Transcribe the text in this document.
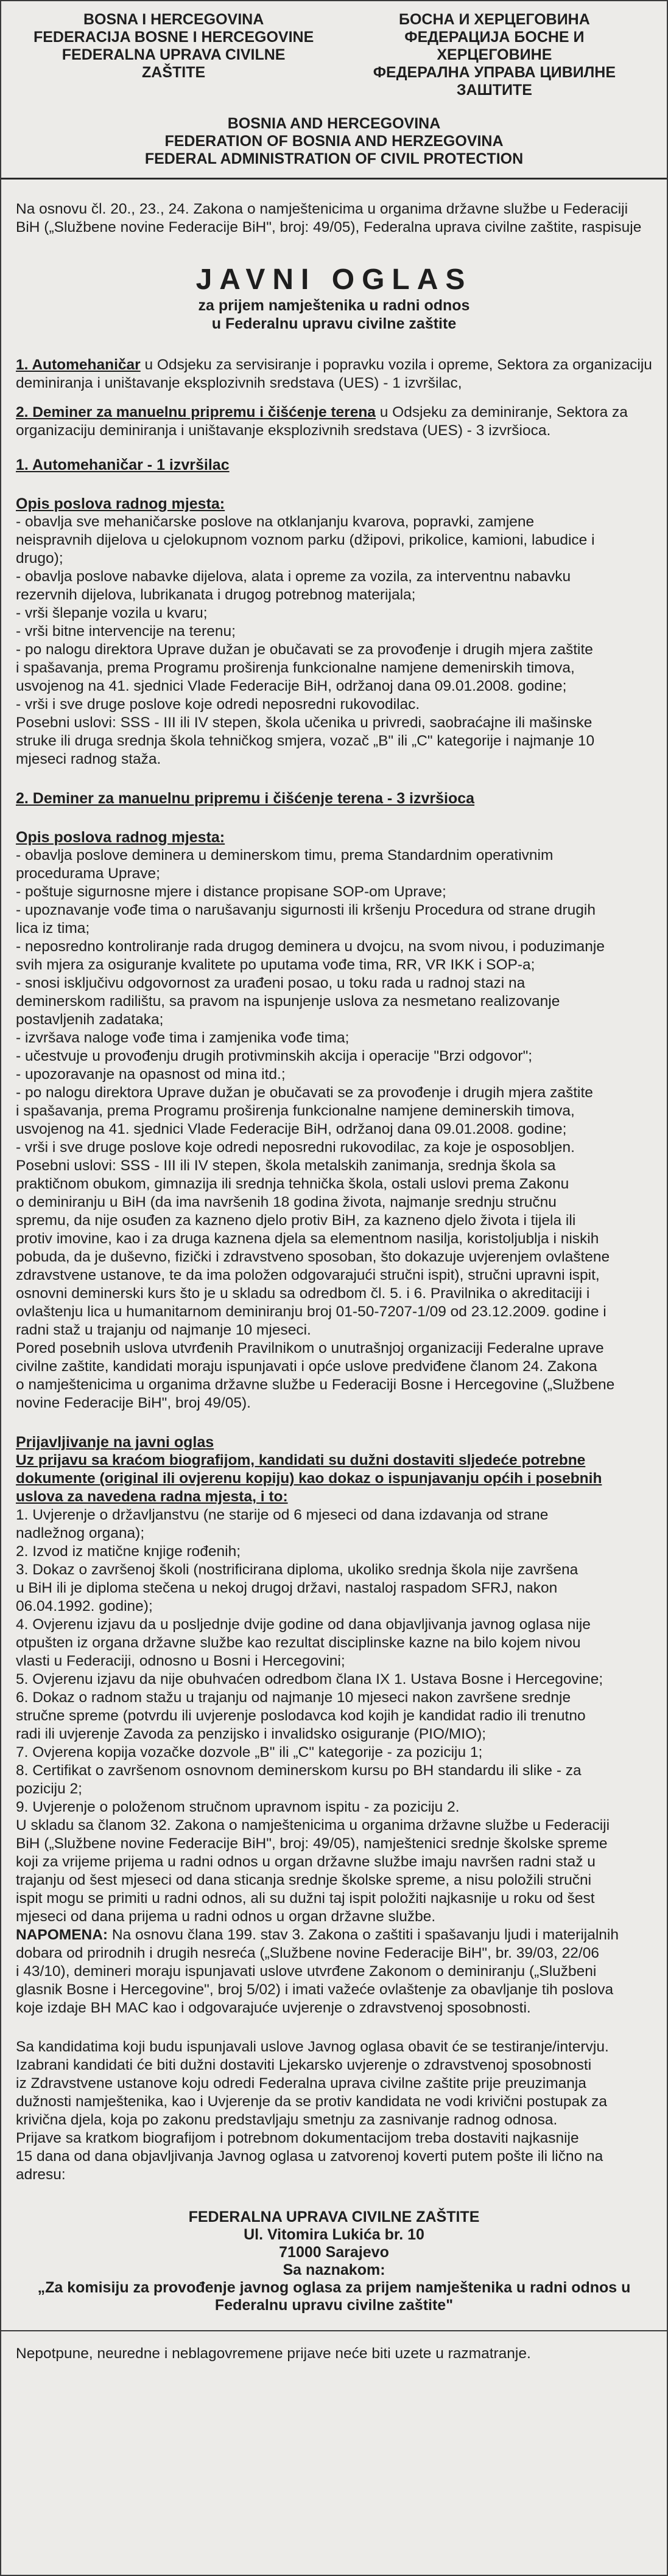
BOSNA I HERCEGOVINA
FEDERACIJA BOSNE I HERCEGOVINE
FEDERALNA UPRAVA CIVILNE
ZAŠTITE
БОСНА И ХЕРЦЕГОВИНА
ФЕДЕРАЦИЈА БОСНЕ И ХЕРЦЕГОВИНЕ
ФЕДЕРАЛНА УПРАВА ЦИВИЛНЕ
ЗАШТИТЕ
BOSNIA AND HERCEGOVINA
FEDERATION OF BOSNIA AND HERZEGOVINA
FEDERAL ADMINISTRATION OF CIVIL PROTECTION

Na osnovu čl. 20., 23., 24. Zakona o namještenicima u organima državne službe u Federaciji BiH („Službene novine Federacije BiH", broj: 49/05), Federalna uprava civilne zaštite, raspisuje

JAVNI OGLAS
za prijem namještenika u radni odnos
u Federalnu upravu civilne zaštite

1. Automehaničar u Odsjeku za servisiranje i popravku vozila i opreme, Sektora za organizaciju deminiranja i uništavanje eksplozivnih sredstava (UES) - 1 izvršilac,

2. Deminer za manuelnu pripremu i čišćenje terena u Odsjeku za deminiranje, Sektora za organizaciju deminiranja i uništavanje eksplozivnih sredstava (UES) - 3 izvršioca.

1. Automehaničar - 1 izvršilac
Opis poslova radnog mjesta:
- obavlja sve mehaničarske poslove na otklanjanju kvarova, popravki, zamjene
neispravnih dijelova u cjelokupnom voznom parku (džipovi, prikolice, kamioni, labudice i
drugo);
- obavlja poslove nabavke dijelova, alata i opreme za vozila, za interventnu nabavku
rezervnih dijelova, lubrikanata i drugog potrebnog materijala;
- vrši šlepanje vozila u kvaru;
- vrši bitne intervencije na terenu;
- po nalogu direktora Uprave dužan je obučavati se za provođenje i drugih mjera zaštite
i spašavanja, prema Programu proširenja funkcionalne namjene demenirskih timova,
usvojenog na 41. sjednici Vlade Federacije BiH, održanoj dana 09.01.2008. godine;
- vrši i sve druge poslove koje odredi neposredni rukovodilac.
Posebni uslovi: SSS - III ili IV stepen, škola učenika u privredi, saobraćajne ili mašinske
struke ili druga srednja škola tehničkog smjera, vozač „B" ili „C" kategorije i najmanje 10
mjeseci radnog staža.
2. Deminer za manuelnu pripremu i čišćenje terena - 3 izvršioca
Opis poslova radnog mjesta:
- obavlja poslove deminera u deminerskom timu, prema Standardnim operativnim
procedurama Uprave;
- poštuje sigurnosne mjere i distance propisane SOP-om Uprave;
- upoznavanje vođe tima o narušavanju sigurnosti ili kršenju Procedura od strane drugih
lica iz tima;
- neposredno kontroliranje rada drugog deminera u dvojcu, na svom nivou, i poduzimanje
svih mjera za osiguranje kvalitete po uputama vođe tima, RR, VR IKK i SOP-a;
- snosi isključivu odgovornost za urađeni posao, u toku rada u radnoj stazi na
deminerskom radilištu, sa pravom na ispunjenje uslova za nesmetano realizovanje
postavljenih zadataka;
- izvršava naloge vođe tima i zamjenika vođe tima;
- učestvuje u provođenju drugih protivminskih akcija i operacije "Brzi odgovor";
- upozoravanje na opasnost od mina itd.;
- po nalogu direktora Uprave dužan je obučavati se za provođenje i drugih mjera zaštite
i spašavanja, prema Programu proširenja funkcionalne namjene deminerskih timova,
usvojenog na 41. sjednici Vlade Federacije BiH, održanoj dana 09.01.2008. godine;
- vrši i sve druge poslove koje odredi neposredni rukovodilac, za koje je osposobljen.
Posebni uslovi: SSS - III ili IV stepen, škola metalskih zanimanja, srednja škola sa
praktičnom obukom, gimnazija ili srednja tehnička škola, ostali uslovi prema Zakonu
o deminiranju u BiH (da ima navršenih 18 godina života, najmanje srednju stručnu
spremu, da nije osuđen za kazneno djelo protiv BiH, za kazneno djelo života i tijela ili
protiv imovine, kao i za druga kaznena djela sa elementnom nasilja, koristoljublja i niskih
pobuda, da je duševno, fizički i zdravstveno sposoban, što dokazuje uvjerenjem ovlaštene
zdravstvene ustanove, te da ima položen odgovarajući stručni ispit), stručni upravni ispit,
osnovni deminerski kurs što je u skladu sa odredbom čl. 5. i 6. Pravilnika o akreditaciji i
ovlaštenju lica u humanitarnom deminiranju broj 01-50-7207-1/09 od 23.12.2009. godine i
radni staž u trajanju od najmanje 10 mjeseci.
Pored posebnih uslova utvrđenih Pravilnikom o unutrašnjoj organizaciji Federalne uprave
civilne zaštite, kandidati moraju ispunjavati i opće uslove predviđene članom 24. Zakona
o namještenicima u organima državne službe u Federaciji Bosne i Hercegovine („Službene
novine Federacije BiH", broj 49/05).
Prijavljivanje na javni oglas
Uz prijavu sa kraćom biografijom, kandidati su dužni dostaviti sljedeće potrebne
dokumente (original ili ovjerenu kopiju) kao dokaz o ispunjavanju općih i posebnih
uslova za navedena radna mjesta, i to:
1. Uvjerenje o državljanstvu (ne starije od 6 mjeseci od dana izdavanja od strane
nadležnog organa);
2. Izvod iz matične knjige rođenih;
3. Dokaz o završenoj školi (nostrificirana diploma, ukoliko srednja škola nije završena
u BiH ili je diploma stečena u nekoj drugoj državi, nastaloj raspadom SFRJ, nakon
06.04.1992. godine);
4. Ovjerenu izjavu da u posljednje dvije godine od dana objavljivanja javnog oglasa nije
otpušten iz organa državne službe kao rezultat disciplinske kazne na bilo kojem nivou
vlasti u Federaciji, odnosno u Bosni i Hercegovini;
5. Ovjerenu izjavu da nije obuhvaćen odredbom člana IX 1. Ustava Bosne i Hercegovine;
6. Dokaz o radnom stažu u trajanju od najmanje 10 mjeseci nakon završene srednje
stručne spreme (potvrdu ili uvjerenje poslodavca kod kojih je kandidat radio ili trenutno
radi ili uvjerenje Zavoda za penzijsko i invalidsko osiguranje (PIO/MIO);
7. Ovjerena kopija vozačke dozvole „B" ili „C" kategorije - za poziciju 1;
8. Certifikat o završenom osnovnom deminerskom kursu po BH standardu ili slike - za
poziciju 2;
9. Uvjerenje o položenom stručnom upravnom ispitu - za poziciju 2.
U skladu sa članom 32. Zakona o namještenicima u organima državne službe u Federaciji
BiH („Službene novine Federacije BiH", broj: 49/05), namještenici srednje školske spreme
koji za vrijeme prijema u radni odnos u organ državne službe imaju navršen radni staž u
trajanju od šest mjeseci od dana sticanja srednje školske spreme, a nisu položili stručni
ispit mogu se primiti u radni odnos, ali su dužni taj ispit položiti najkasnije u roku od šest
mjeseci od dana prijema u radni odnos u organ državne službe.
NAPOMENA: Na osnovu člana 199. stav 3. Zakona o zaštiti i spašavanju ljudi i materijalnih
dobara od prirodnih i drugih nesreća („Službene novine Federacije BiH", br. 39/03, 22/06
i 43/10), demineri moraju ispunjavati uslove utvrđene Zakonom o deminiranju („Službeni
glasnik Bosne i Hercegovine", broj 5/02) i imati važeće ovlaštenje za obavljanje tih poslova
koje izdaje BH MAC kao i odgovarajuće uvjerenje o zdravstvenoj sposobnosti.

Sa kandidatima koji budu ispunjavali uslove Javnog oglasa obavit će se testiranje/intervju.

Izabrani kandidati će biti dužni dostaviti Ljekarsko uvjerenje o zdravstvenoj sposobnosti
iz Zdravstvene ustanove koju odredi Federalna uprava civilne zaštite prije preuzimanja
dužnosti namještenika, kao i Uvjerenje da se protiv kandidata ne vodi krivični postupak za
krivična djela, koja po zakonu predstavljaju smetnju za zasnivanje radnog odnosa.
Prijave sa kratkom biografijom i potrebnom dokumentacijom treba dostaviti najkasnije
15 dana od dana objavljivanja Javnog oglasa u zatvorenoj koverti putem pošte ili lično na
adresu:
FEDERALNA UPRAVA CIVILNE ZAŠTITE
Ul. Vitomira Lukića br. 10
71000 Sarajevo
Sa naznakom:
„Za komisiju za provođenje javnog oglasa za prijem namještenika u radni odnos u
Federalnu upravu civilne zaštite"

Nepotpune, neuredne i neblagovremene prijave neće biti uzete u razmatranje.
